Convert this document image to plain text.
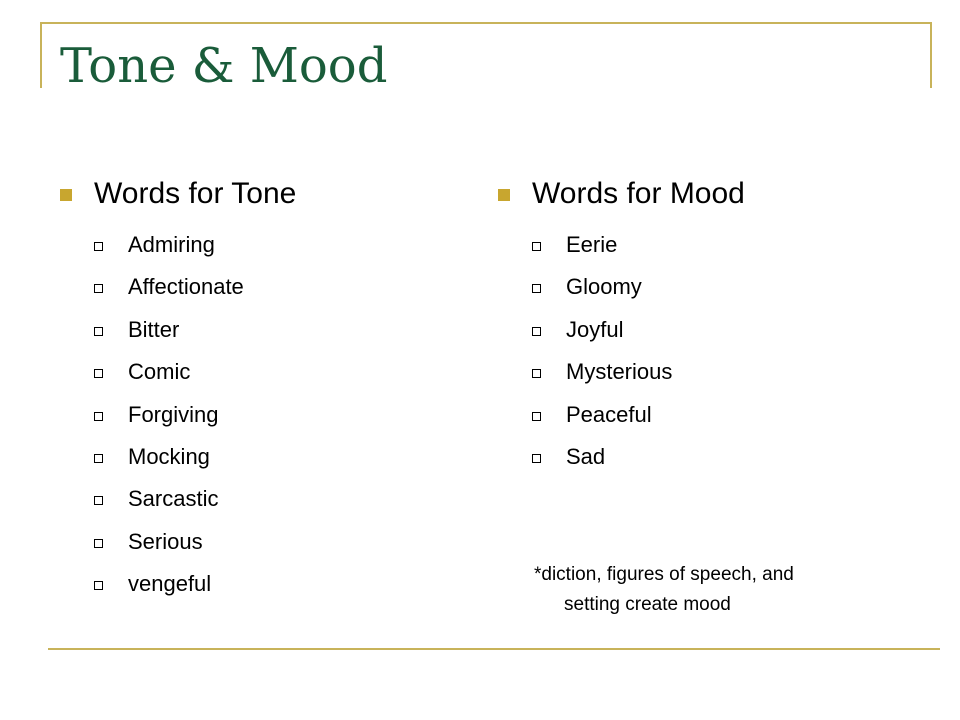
Tone & Mood
Words for Tone
Admiring
Affectionate
Bitter
Comic
Forgiving
Mocking
Sarcastic
Serious
vengeful
Words for Mood
Eerie
Gloomy
Joyful
Mysterious
Peaceful
Sad

*diction, figures of speech, and
setting create mood
